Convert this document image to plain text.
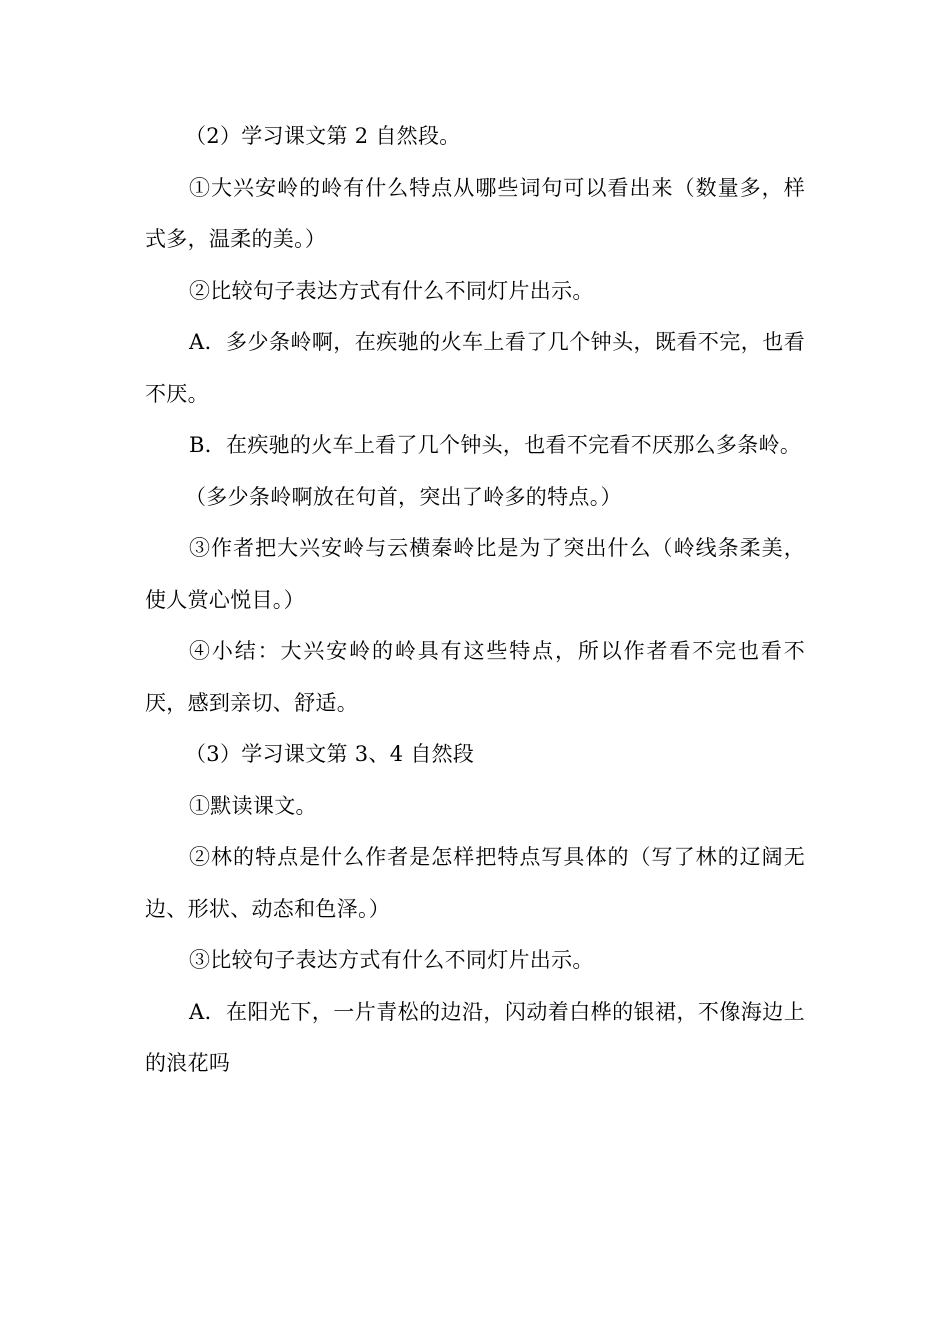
（2）学习课文第 2 自然段。

①大兴安岭的岭有什么特点从哪些词句可以看出来（数量多，样式多，温柔的美。）

②比较句子表达方式有什么不同灯片出示。

A．多少条岭啊，在疾驰的火车上看了几个钟头，既看不完，也看不厌。

B．在疾驰的火车上看了几个钟头，也看不完看不厌那么多条岭。

（多少条岭啊放在句首，突出了岭多的特点。）

③作者把大兴安岭与云横秦岭比是为了突出什么（岭线条柔美，使人赏心悦目。）

④小结：大兴安岭的岭具有这些特点，所以作者看不完也看不厌，感到亲切、舒适。

（3）学习课文第 3、4 自然段

①默读课文。

②林的特点是什么作者是怎样把特点写具体的（写了林的辽阔无边、形状、动态和色泽。）

③比较句子表达方式有什么不同灯片出示。

A．在阳光下，一片青松的边沿，闪动着白桦的银裙，不像海边上的浪花吗
